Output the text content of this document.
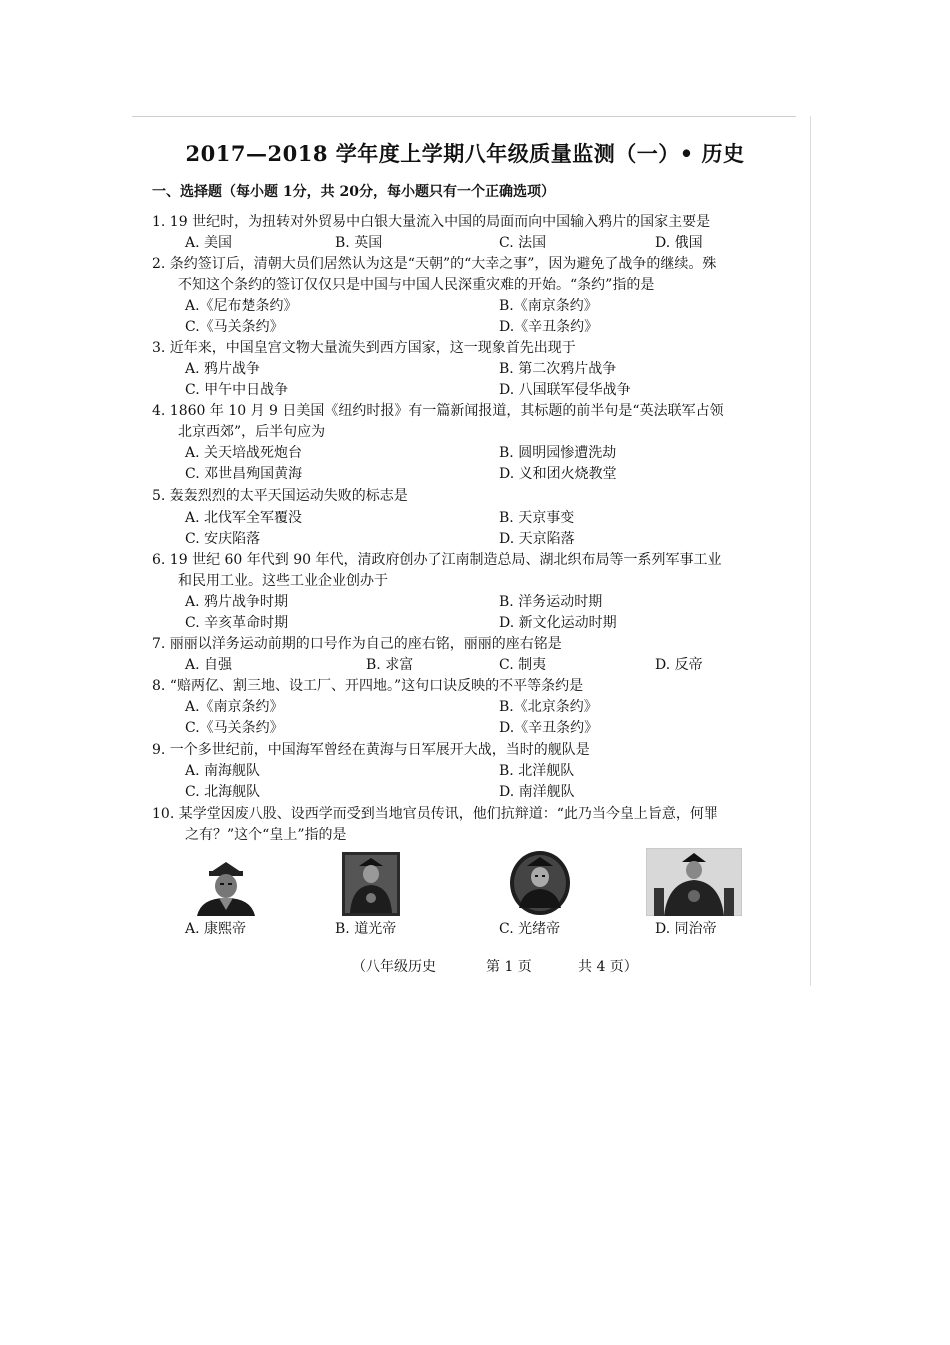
2017—2018 学年度上学期八年级质量监测（一）• 历史
一、选择题（每小题 1分，共 20分，每小题只有一个正确选项）
1. 19 世纪时，为扭转对外贸易中白银大量流入中国的局面而向中国输入鸦片的国家主要是
A. 美国	B. 英国	C. 法国	D. 俄国
2. 条约签订后，清朝大员们居然认为这是“天朝”的“大幸之事”，因为避免了战争的继续。殊
不知这个条约的签订仅仅只是中国与中国人民深重灾难的开始。“条约”指的是
A.《尼布楚条约》	B.《南京条约》
C.《马关条约》	D.《辛丑条约》
3. 近年来，中国皇宫文物大量流失到西方国家，这一现象首先出现于
A. 鸦片战争	B. 第二次鸦片战争
C. 甲午中日战争	D. 八国联军侵华战争
4. 1860 年 10 月 9 日美国《纽约时报》有一篇新闻报道，其标题的前半句是“英法联军占领
北京西郊”，后半句应为
A. 关天培战死炮台	B. 圆明园惨遭洗劫
C. 邓世昌殉国黄海	D. 义和团火烧教堂
5. 轰轰烈烈的太平天国运动失败的标志是
A. 北伐军全军覆没	B. 天京事变
C. 安庆陷落	D. 天京陷落
6. 19 世纪 60 年代到 90 年代，清政府创办了江南制造总局、湖北织布局等一系列军事工业
和民用工业。这些工业企业创办于
A. 鸦片战争时期	B. 洋务运动时期
C. 辛亥革命时期	D. 新文化运动时期
7. 丽丽以洋务运动前期的口号作为自己的座右铭，丽丽的座右铭是
A. 自强	B. 求富	C. 制夷	D. 反帝
8. “赔两亿、割三地、设工厂、开四地。”这句口诀反映的不平等条约是
A.《南京条约》	B.《北京条约》
C.《马关条约》	D.《辛丑条约》
9. 一个多世纪前，中国海军曾经在黄海与日军展开大战，当时的舰队是
A. 南海舰队	B. 北洋舰队
C. 北海舰队	D. 南洋舰队
10. 某学堂因废八股、设西学而受到当地官员传讯，他们抗辩道：“此乃当今皇上旨意，何罪
之有？”这个“皇上”指的是
A. 康熙帝	B. 道光帝	C. 光绪帝	D. 同治帝
（八年级历史	第 1 页	共 4 页）
